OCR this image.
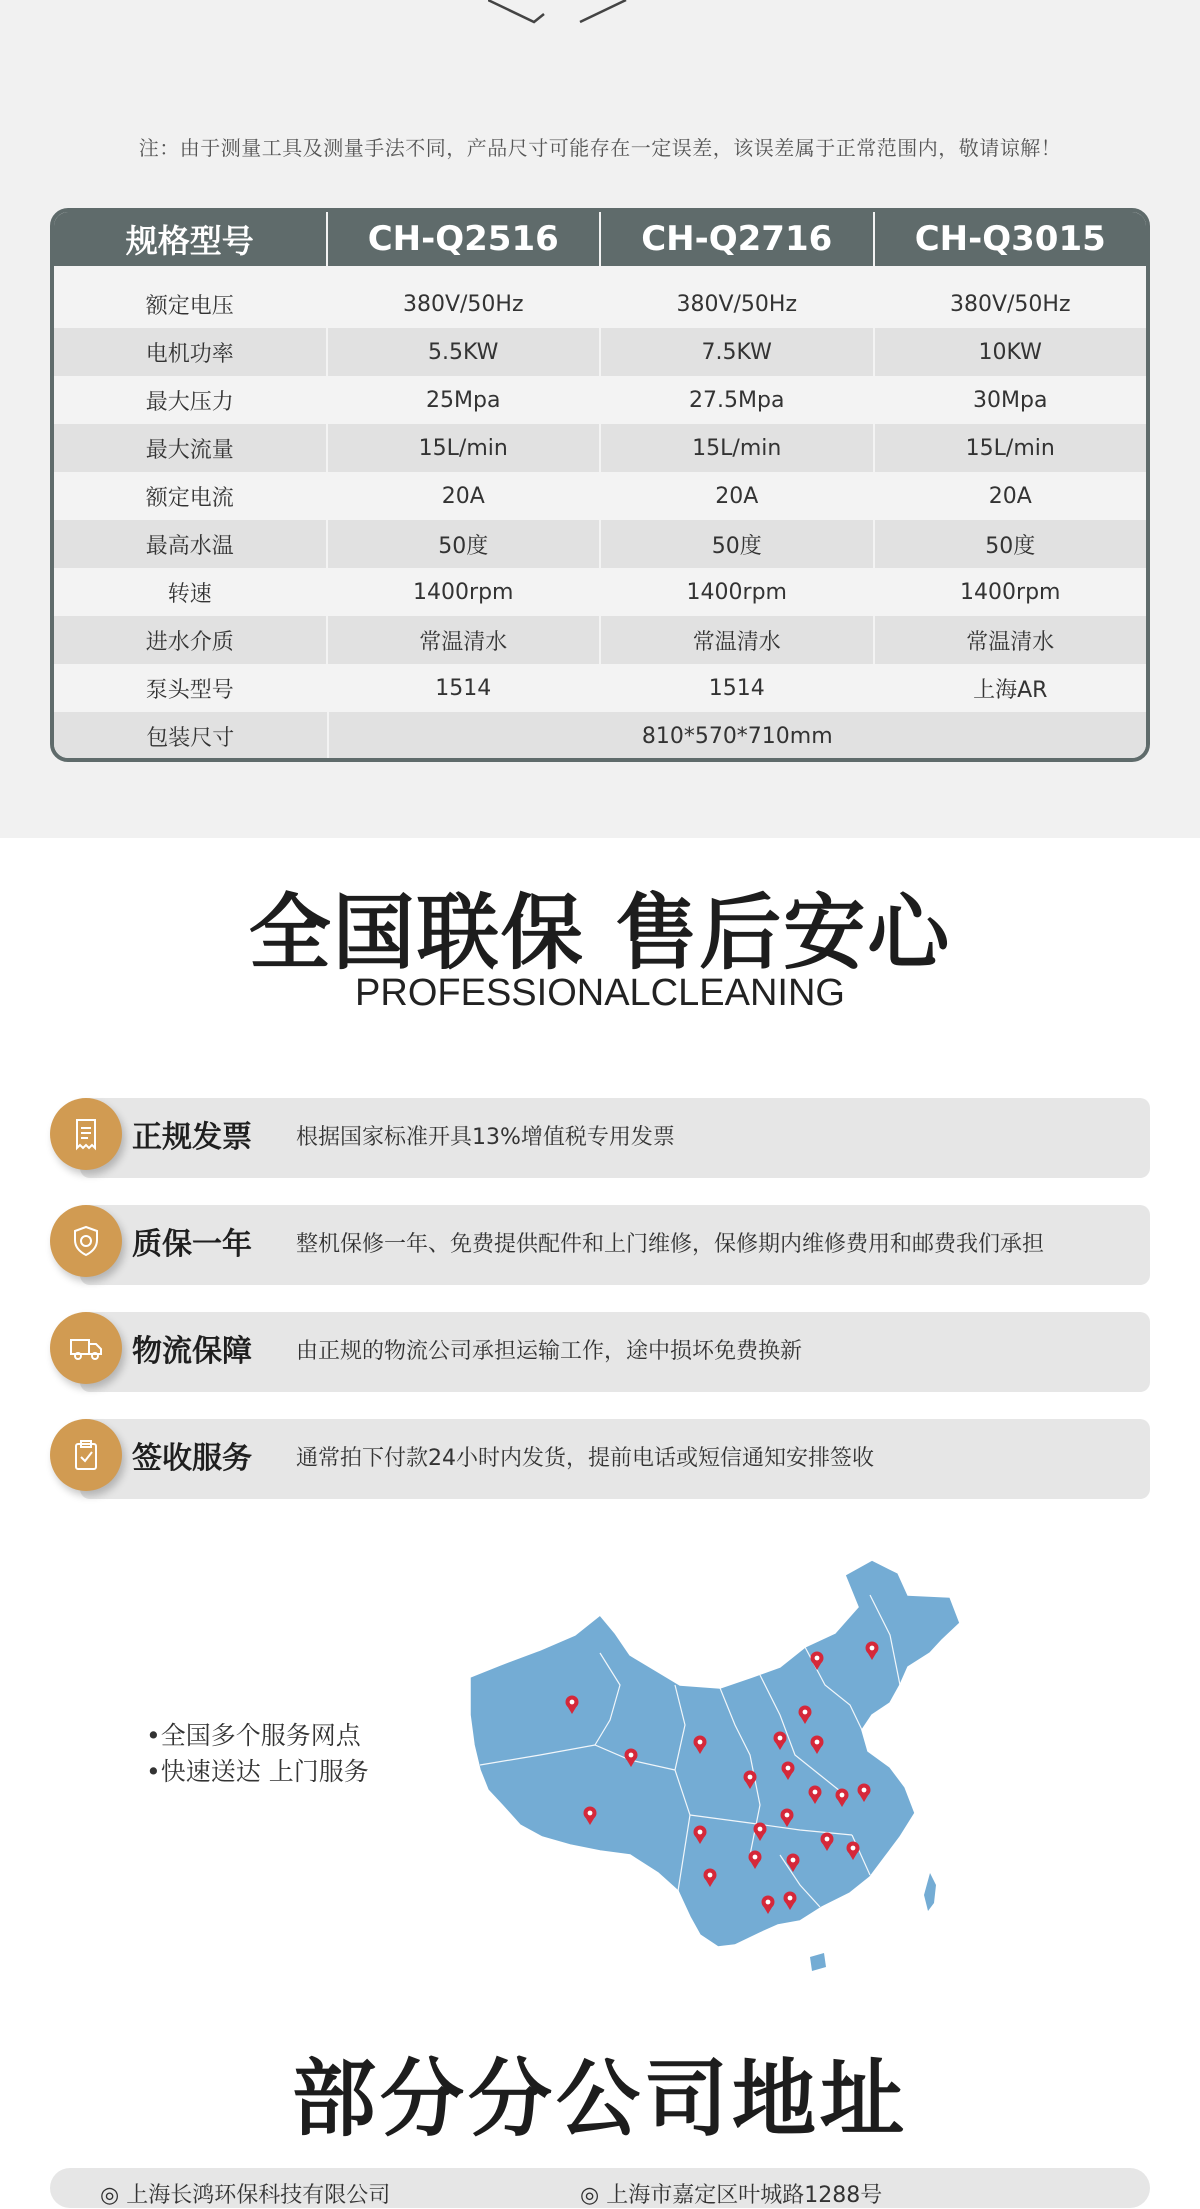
注：由于测量工具及测量手法不同，产品尺寸可能存在一定误差，该误差属于正常范围内，敬请谅解！
规格型号	CH-Q2516	CH-Q2716	CH-Q3015
额定电压	380V/50Hz	380V/50Hz	380V/50Hz
电机功率	5.5KW	7.5KW	10KW
最大压力	25Mpa	27.5Mpa	30Mpa
最大流量	15L/min	15L/min	15L/min
额定电流	20A	20A	20A
最高水温	50度	50度	50度
转速	1400rpm	1400rpm	1400rpm
进水介质	常温清水	常温清水	常温清水
泵头型号	1514	1514	上海AR
包装尺寸	810*570*710mm
全国联保 售后安心
PROFESSIONALCLEANING
正规发票 根据国家标准开具13%增值税专用发票
质保一年 整机保修一年、免费提供配件和上门维修，保修期内维修费用和邮费我们承担
物流保障 由正规的物流公司承担运输工作，途中损坏免费换新
签收服务 通常拍下付款24小时内发货，提前电话或短信通知安排签收
•全国多个服务网点
•快速送达 上门服务
部分分公司地址
◎ 上海长鸿环保科技有限公司	◎ 上海市嘉定区叶城路1288号
